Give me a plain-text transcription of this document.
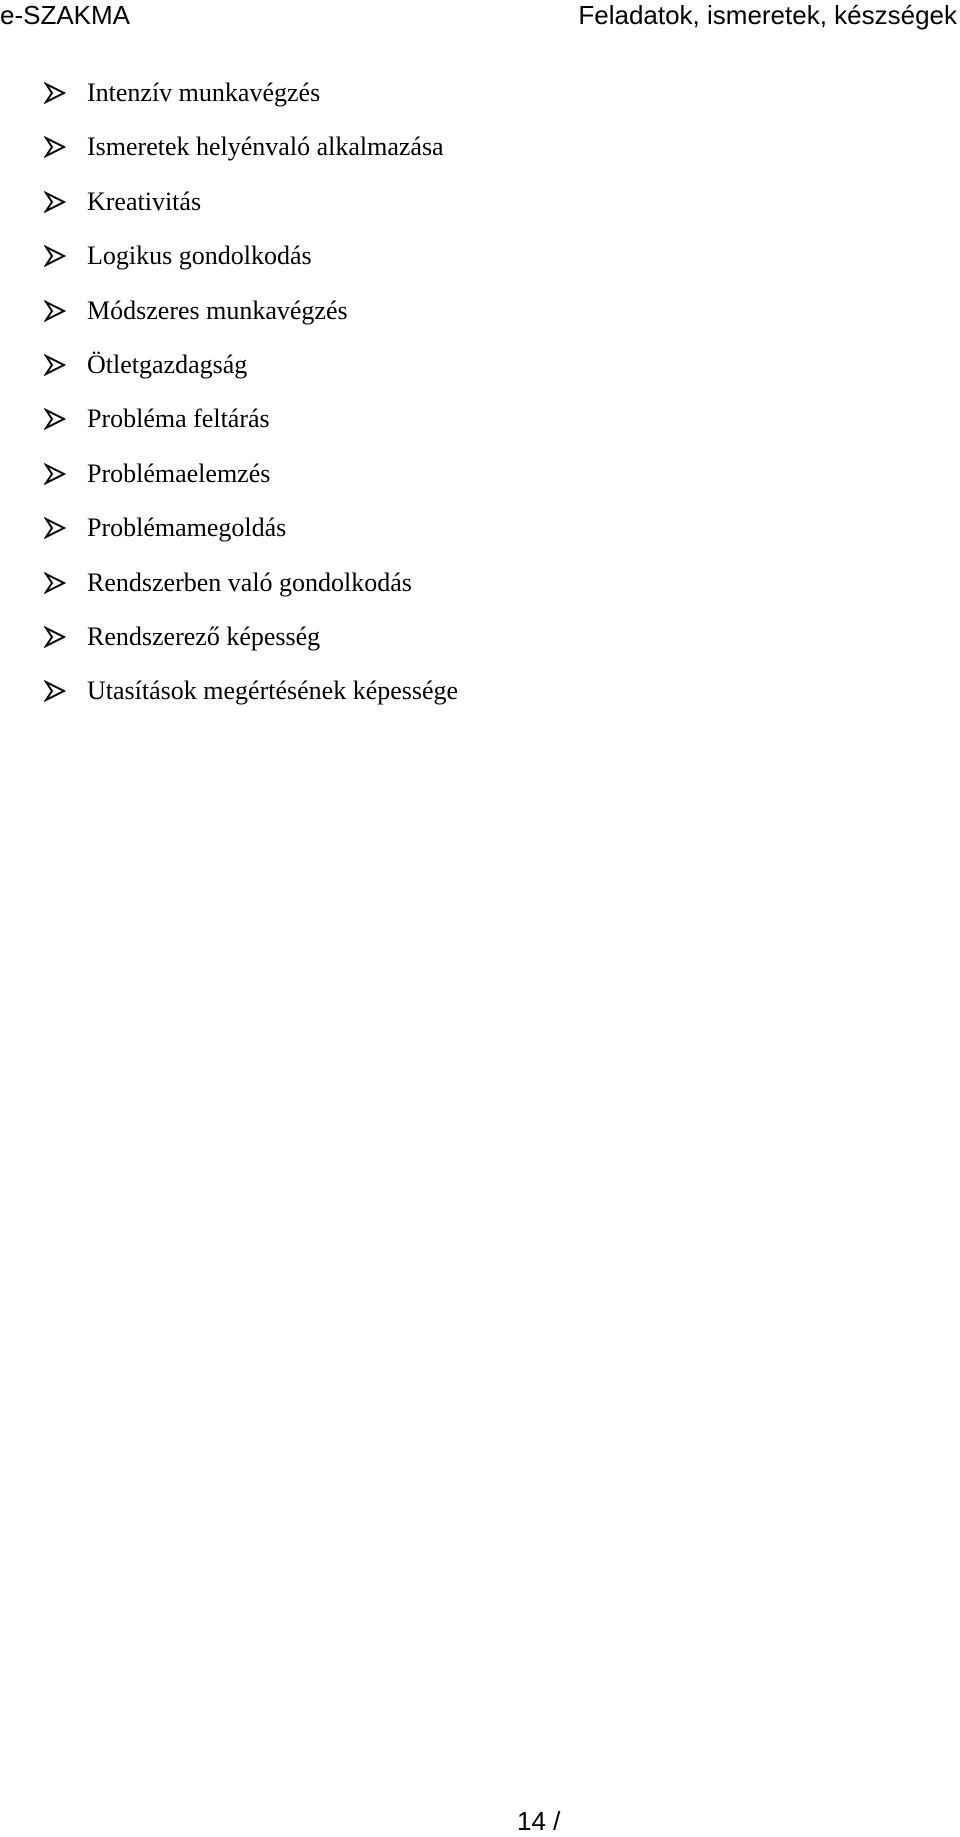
e-SZAKMA	Feladatok, ismeretek, készségek
Intenzív munkavégzés
Ismeretek helyénvaló alkalmazása
Kreativitás
Logikus gondolkodás
Módszeres munkavégzés
Ötletgazdagság
Probléma feltárás
Problémaelemzés
Problémamegoldás
Rendszerben való gondolkodás
Rendszerező képesség
Utasítások megértésének képessége
14 /
